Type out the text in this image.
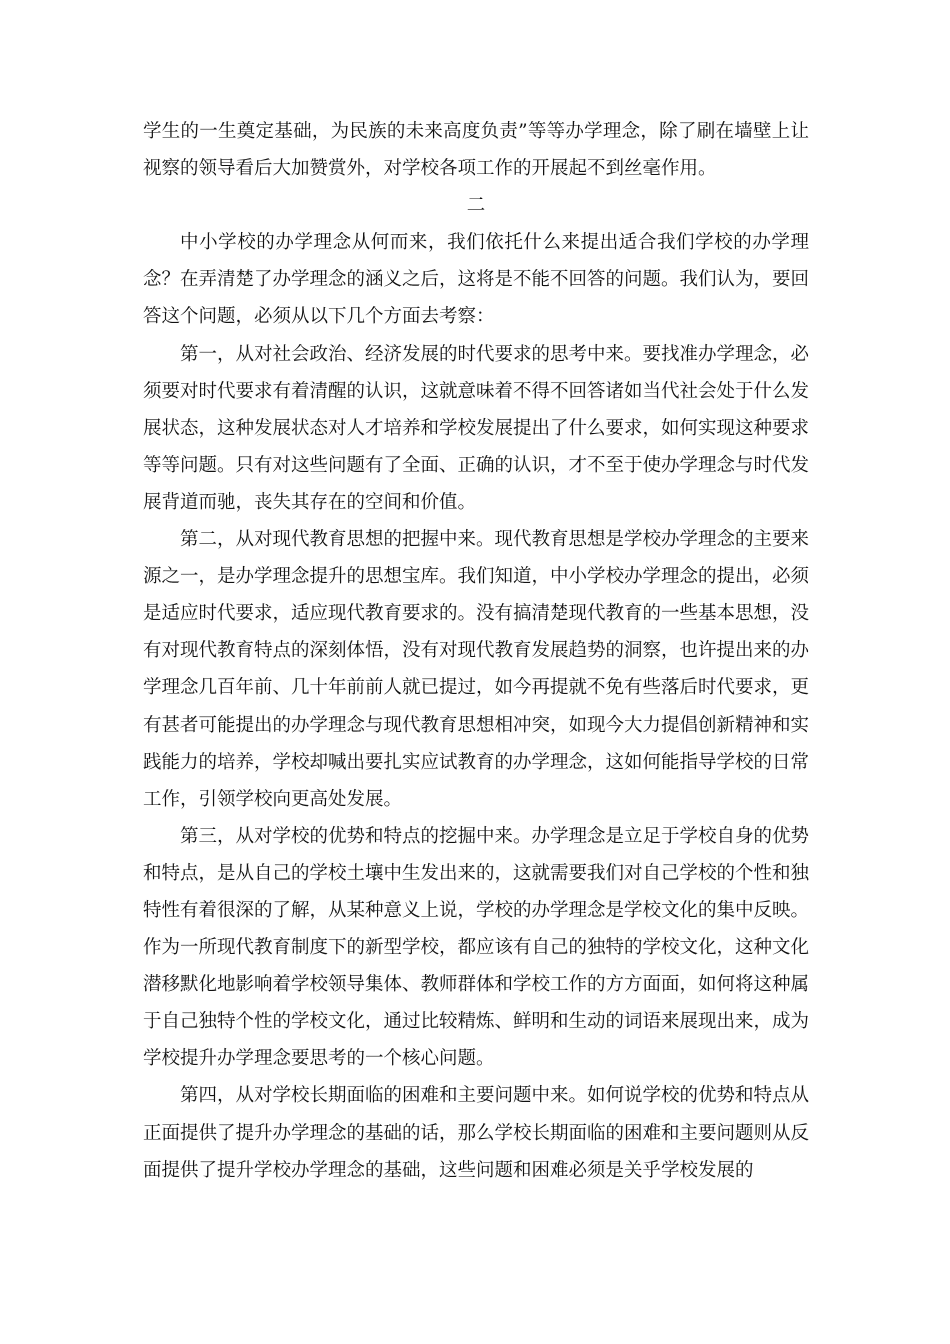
学生的一生奠定基础，为民族的未来高度负责”等等办学理念，除了刷在墙壁上让视察的领导看后大加赞赏外，对学校各项工作的开展起不到丝毫作用。

二

中小学校的办学理念从何而来，我们依托什么来提出适合我们学校的办学理念？在弄清楚了办学理念的涵义之后，这将是不能不回答的问题。我们认为，要回答这个问题，必须从以下几个方面去考察：

第一，从对社会政治、经济发展的时代要求的思考中来。要找准办学理念，必须要对时代要求有着清醒的认识，这就意味着不得不回答诸如当代社会处于什么发展状态，这种发展状态对人才培养和学校发展提出了什么要求，如何实现这种要求等等问题。只有对这些问题有了全面、正确的认识，才不至于使办学理念与时代发展背道而驰，丧失其存在的空间和价值。

第二，从对现代教育思想的把握中来。现代教育思想是学校办学理念的主要来源之一，是办学理念提升的思想宝库。我们知道，中小学校办学理念的提出，必须是适应时代要求，适应现代教育要求的。没有搞清楚现代教育的一些基本思想，没有对现代教育特点的深刻体悟，没有对现代教育发展趋势的洞察，也许提出来的办学理念几百年前、几十年前前人就已提过，如今再提就不免有些落后时代要求，更有甚者可能提出的办学理念与现代教育思想相冲突，如现今大力提倡创新精神和实践能力的培养，学校却喊出要扎实应试教育的办学理念，这如何能指导学校的日常工作，引领学校向更高处发展。

第三，从对学校的优势和特点的挖掘中来。办学理念是立足于学校自身的优势和特点，是从自己的学校土壤中生发出来的，这就需要我们对自己学校的个性和独特性有着很深的了解，从某种意义上说，学校的办学理念是学校文化的集中反映。作为一所现代教育制度下的新型学校，都应该有自己的独特的学校文化，这种文化潜移默化地影响着学校领导集体、教师群体和学校工作的方方面面，如何将这种属于自己独特个性的学校文化，通过比较精炼、鲜明和生动的词语来展现出来，成为学校提升办学理念要思考的一个核心问题。

第四，从对学校长期面临的困难和主要问题中来。如何说学校的优势和特点从正面提供了提升办学理念的基础的话，那么学校长期面临的困难和主要问题则从反面提供了提升学校办学理念的基础，这些问题和困难必须是关乎学校发展的
